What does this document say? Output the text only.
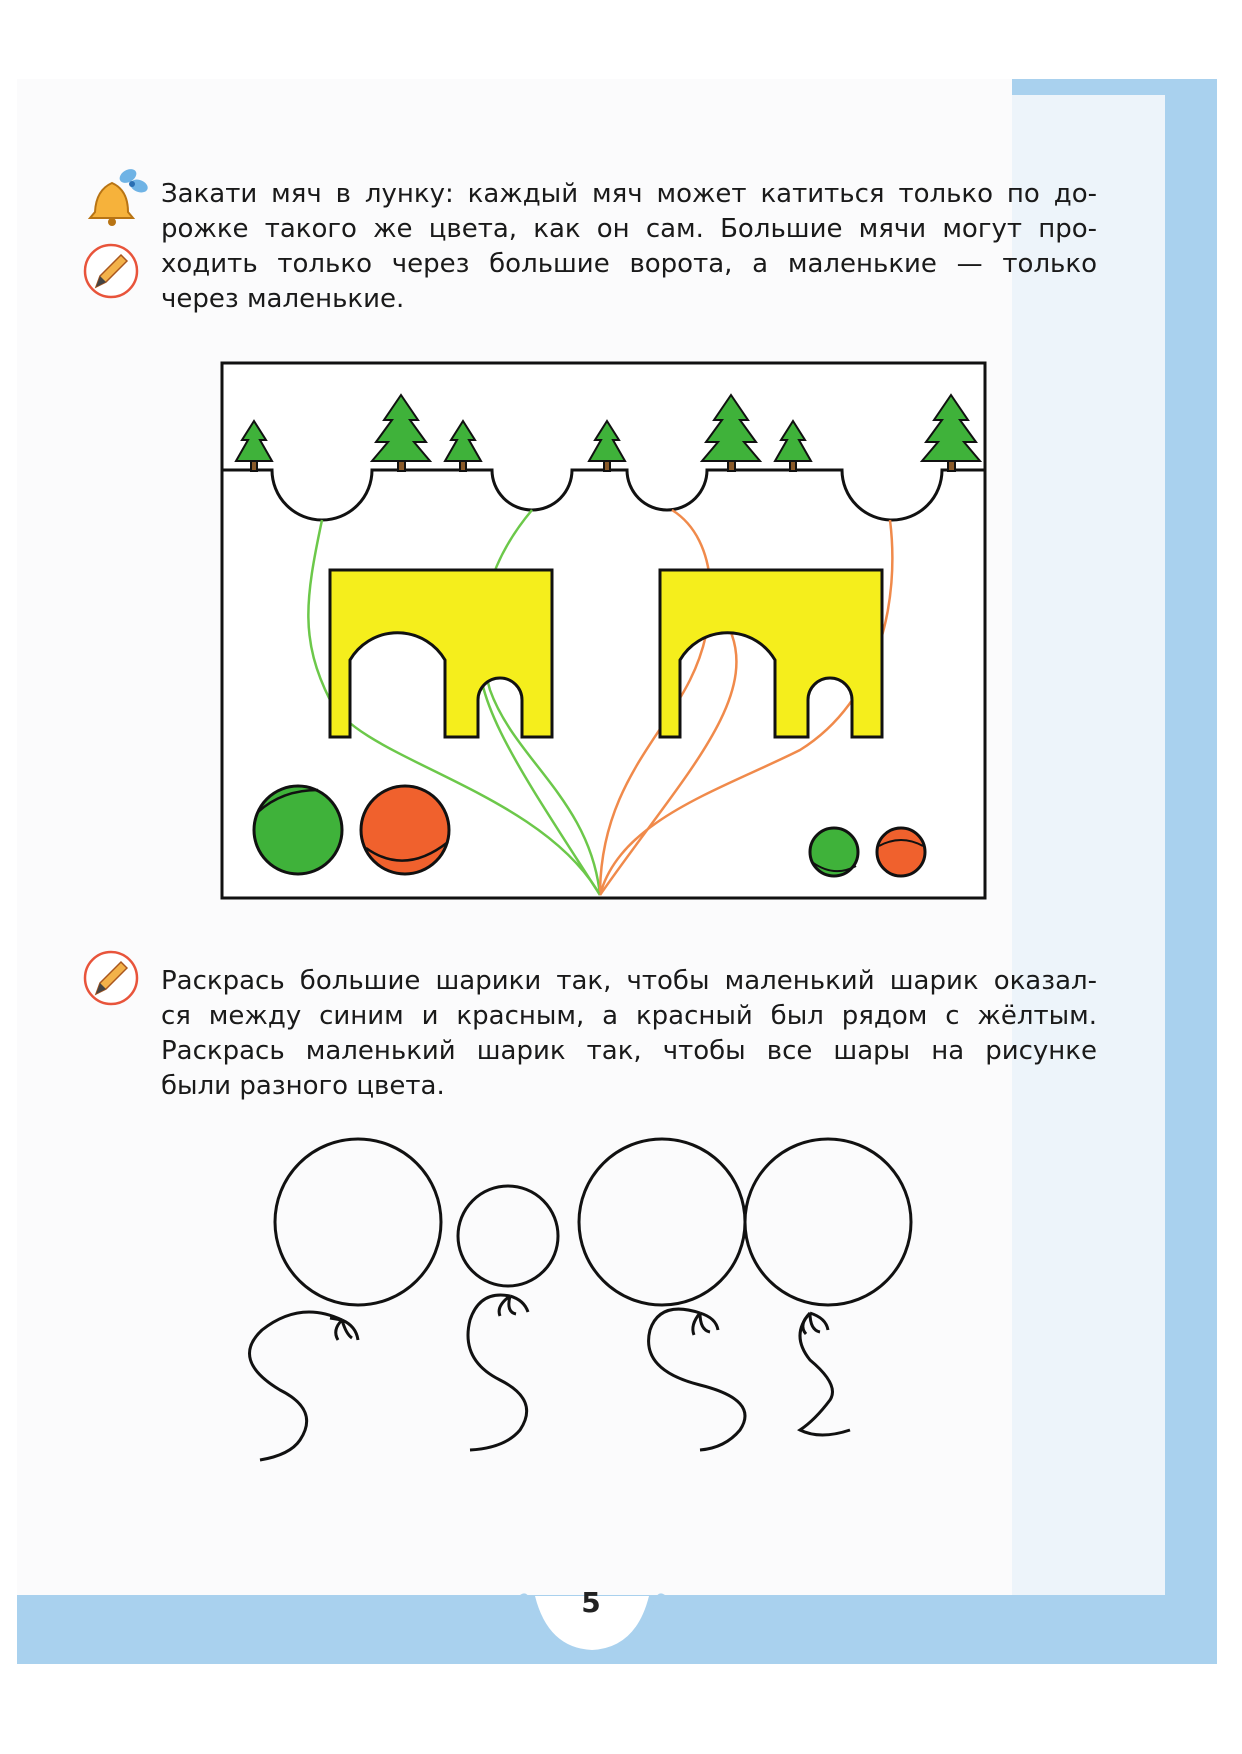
Закати мяч в лунку: каждый мяч может катиться только по до-
рожке такого же цвета, как он сам. Большие мячи могут про-
ходить только через большие ворота, а маленькие — только
через маленькие.
Раскрась большие шарики так, чтобы маленький шарик оказал-
ся между синим и красным, а красный был рядом с жёлтым.
Раскрась маленький шарик так, чтобы все шары на рисунке
были разного цвета.
5
